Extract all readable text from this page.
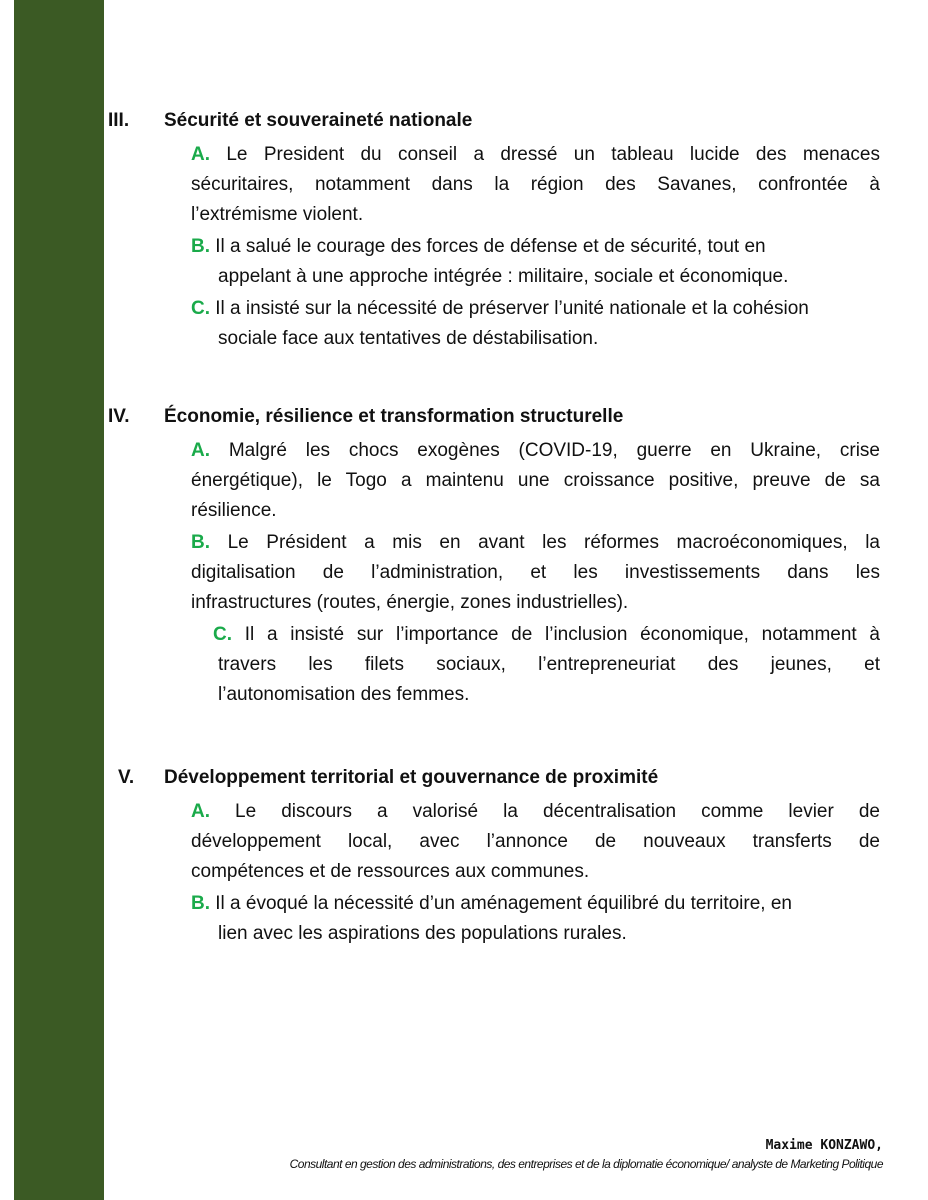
III. Sécurité et souveraineté nationale
A. Le President du conseil a dressé un tableau lucide des menaces
sécuritaires, notamment dans la région des Savanes, confrontée à
l’extrémisme violent.
B. Il a salué le courage des forces de défense et de sécurité, tout en
appelant à une approche intégrée : militaire, sociale et économique.
C. Il a insisté sur la nécessité de préserver l’unité nationale et la cohésion
sociale face aux tentatives de déstabilisation.
IV. Économie, résilience et transformation structurelle
A. Malgré les chocs exogènes (COVID-19, guerre en Ukraine, crise
énergétique), le Togo a maintenu une croissance positive, preuve de sa
résilience.
B. Le Président a mis en avant les réformes macroéconomiques, la
digitalisation de l’administration, et les investissements dans les
infrastructures (routes, énergie, zones industrielles).
C. Il a insisté sur l’importance de l’inclusion économique, notamment à
travers les filets sociaux, l’entrepreneuriat des jeunes, et
l’autonomisation des femmes.
V. Développement territorial et gouvernance de proximité
A. Le discours a valorisé la décentralisation comme levier de
développement local, avec l’annonce de nouveaux transferts de
compétences et de ressources aux communes.
B. Il a évoqué la nécessité d’un aménagement équilibré du territoire, en
lien avec les aspirations des populations rurales.
Maxime KONZAWO,
Consultant en gestion des administrations, des entreprises et de la diplomatie économique/ analyste de Marketing Politique
